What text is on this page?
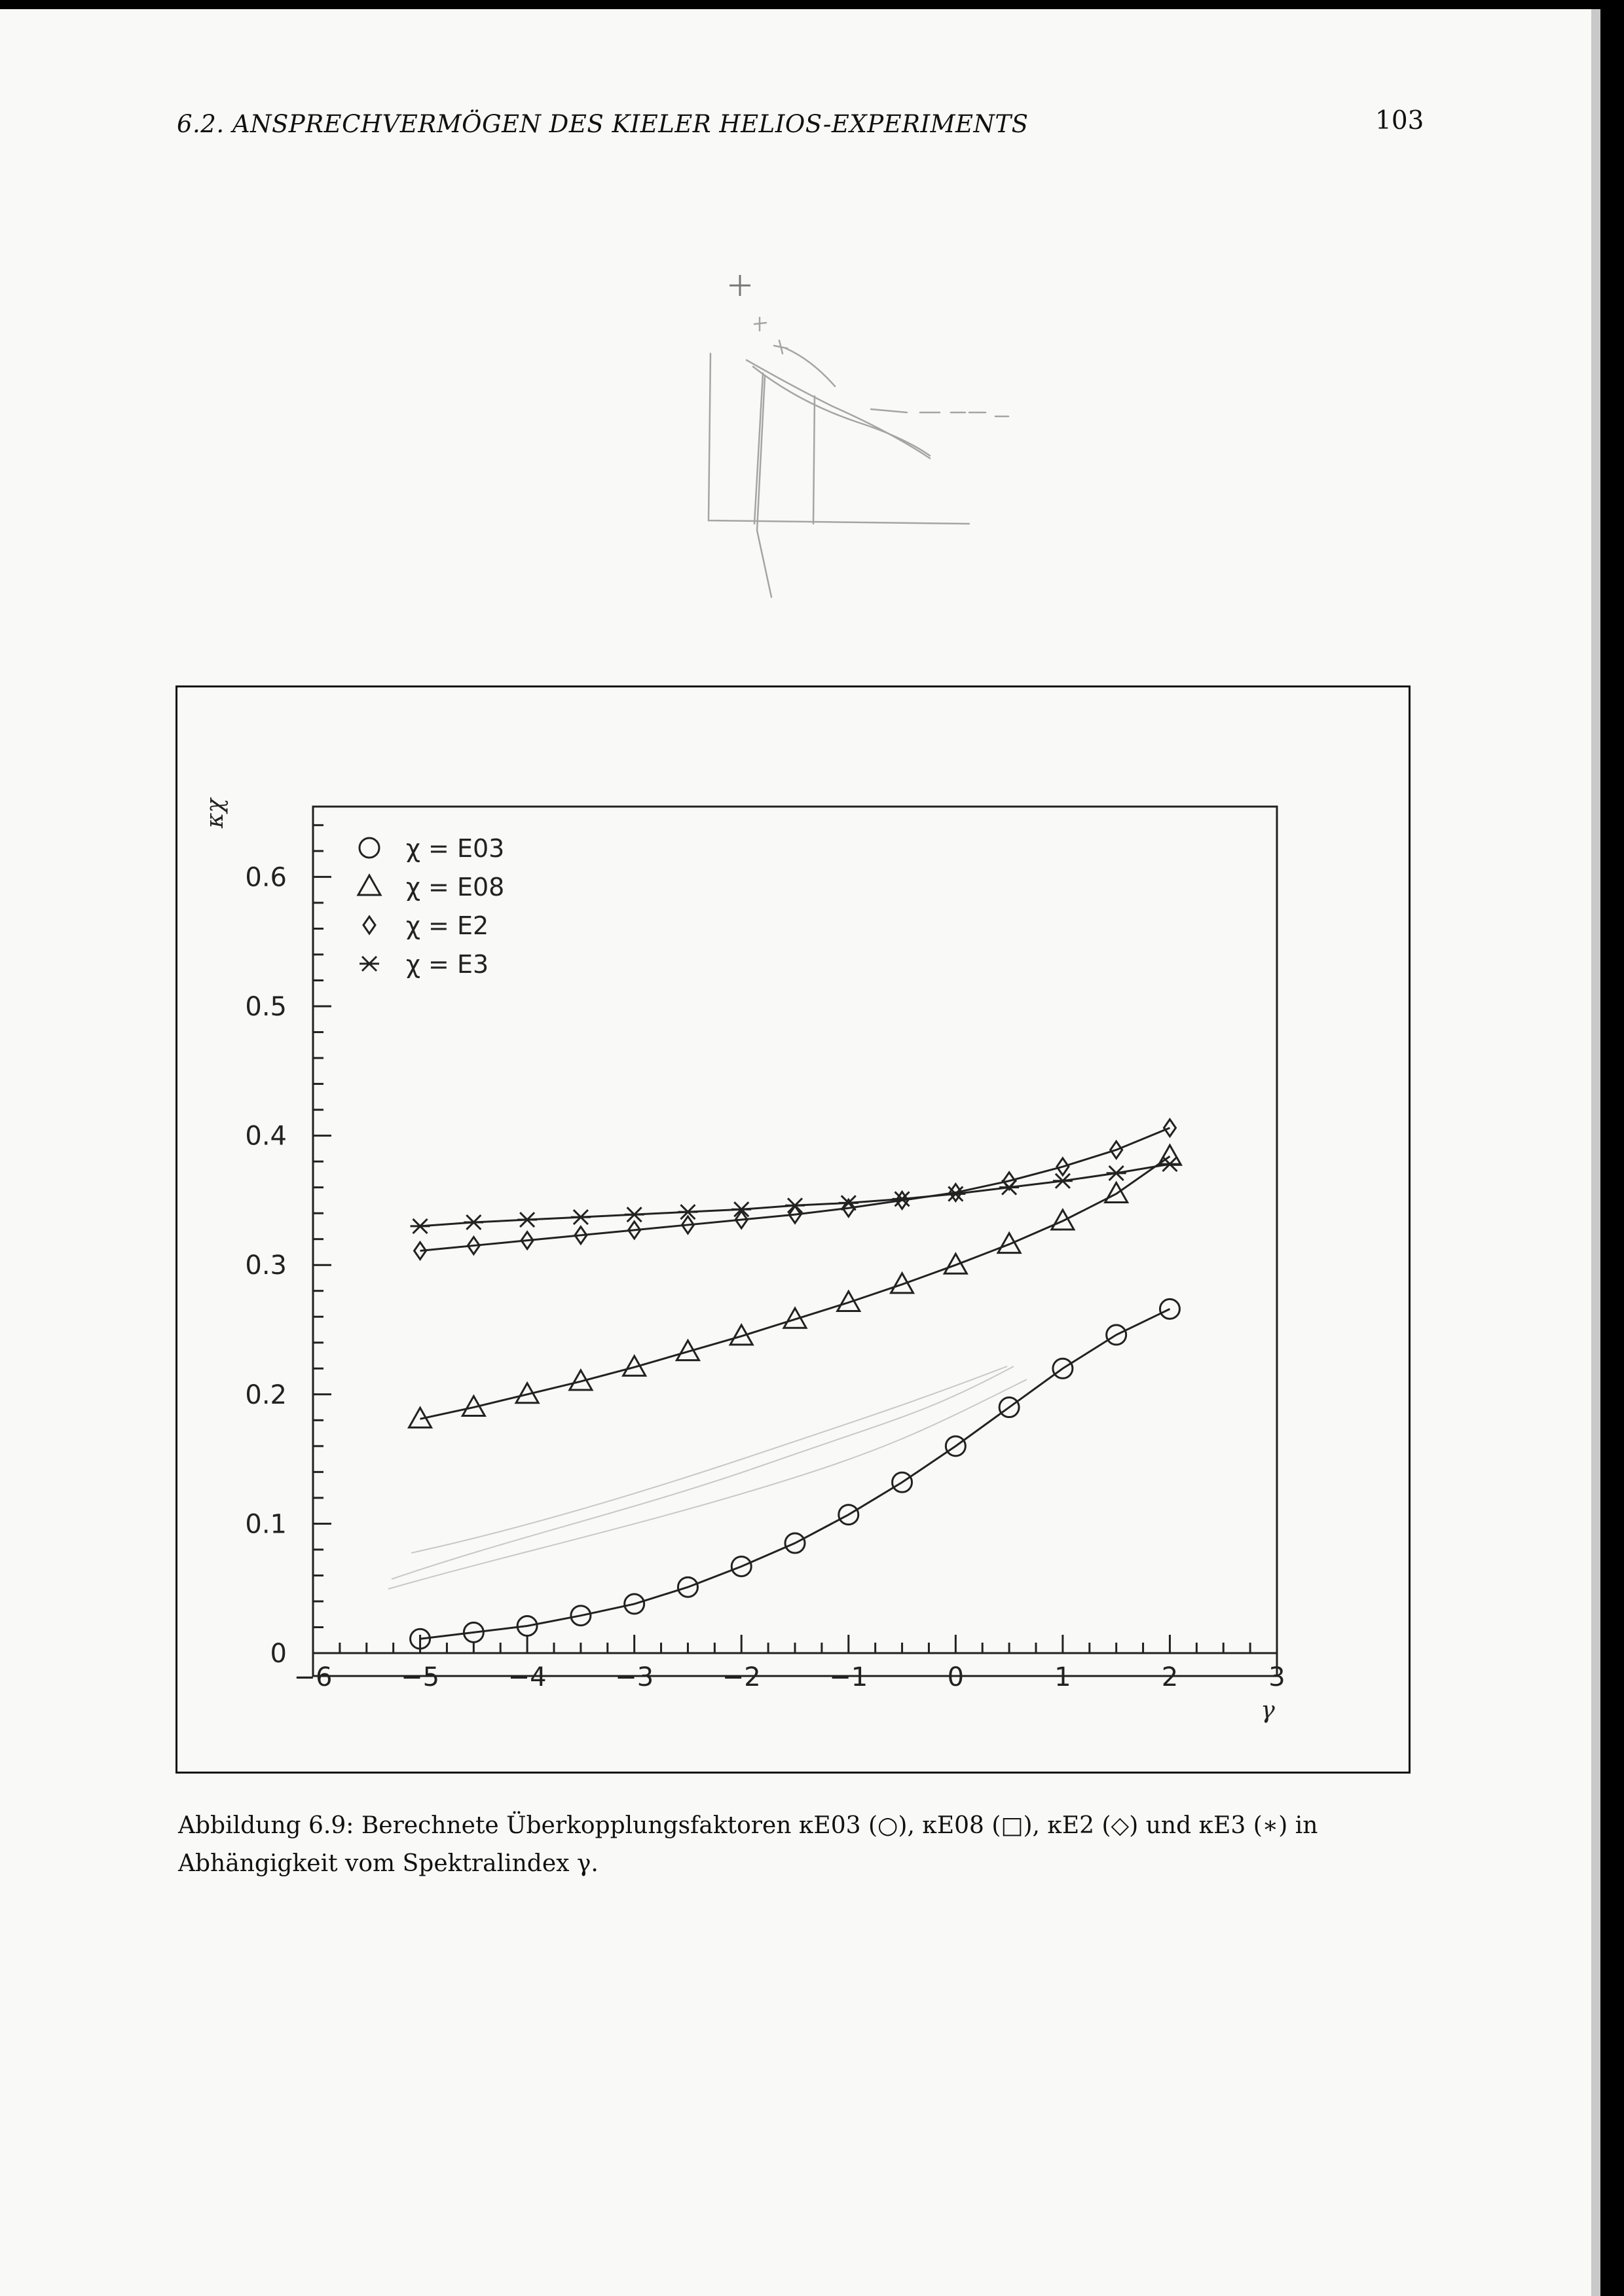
6.2. ANSPRECHVERMÖGEN DES KIELER HELIOS-EXPERIMENTS	103
−6	−5	−4	−3	−2	−1	0	1	2	3
0
0.1
0.2
0.3
0.4
0.5
0.6
χ = E03
χ = E08
χ = E2
χ = E3
κχ
γ
Abbildung 6.9: Berechnete Überkopplungsfaktoren κE03 (○), κE08 (□), κE2 (◇) und κE3 (∗) in Abhängigkeit vom Spektralindex γ.
